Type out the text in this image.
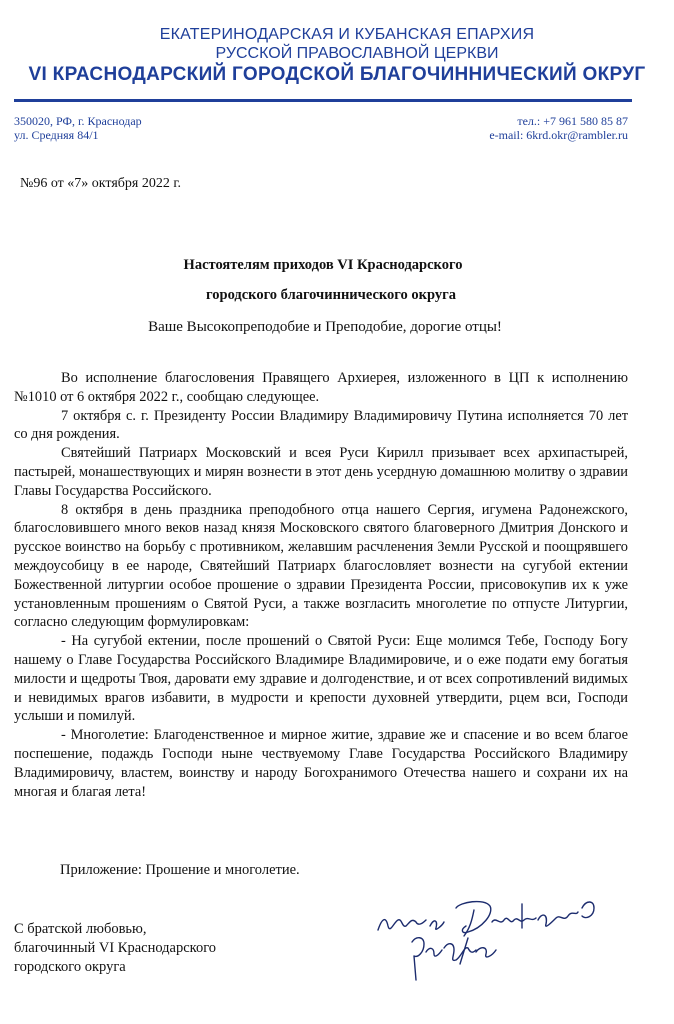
ЕКАТЕРИНОДАРСКАЯ И КУБАНСКАЯ ЕПАРХИЯ
РУССКОЙ ПРАВОСЛАВНОЙ ЦЕРКВИ
VI КРАСНОДАРСКИЙ ГОРОДСКОЙ БЛАГОЧИННИЧЕСКИЙ ОКРУГ
350020, РФ, г. Краснодар
ул. Средняя 84/1
тел.: +7 961 580 85 87
e-mail: 6krd.okr@rambler.ru
№96 от «7» октября 2022 г.
Настоятелям приходов VI Краснодарского
городского благочиннического округа
Ваше Высокопреподобие и Преподобие, дорогие отцы!

Во исполнение благословения Правящего Архиерея, изложенного в ЦП к исполнению №1010 от 6 октября 2022 г., сообщаю следующее.

7 октября с. г. Президенту России Владимиру Владимировичу Путина исполняется 70 лет со дня рождения.

Святейший Патриарх Московский и всея Руси Кирилл призывает всех архипастырей, пастырей, монашествующих и мирян вознести в этот день усердную домашнюю молитву о здравии Главы Государства Российского.

8 октября в день праздника преподобного отца нашего Сергия, игумена Радонежского, благословившего много веков назад князя Московского святого благоверного Дмитрия Донского и русское воинство на борьбу с противником, желавшим расчленения Земли Русской и поощрявшего междоусобицу в ее народе, Святейший Патриарх благословляет вознести на сугубой ектении Божественной литургии особое прошение о здравии Президента России, присовокупив их к уже установленным прошениям о Святой Руси, а также возгласить многолетие по отпусте Литургии, согласно следующим формулировкам:

- На сугубой ектении, после прошений о Святой Руси: Еще молимся Тебе, Господу Богу нашему о Главе Государства Российского Владимире Владимировиче, и о еже подати ему богатыя милости и щедроты Твоя, даровати ему здравие и долгоденствие, и от всех сопротивлений видимых и невидимых врагов избавити, в мудрости и крепости духовней утвердити, рцем вси, Господи услыши и помилуй.

- Многолетие: Благоденственное и мирное житие, здравие же и спасение и во всем благое поспешение, подаждь Господи ныне чествуемому Главе Государства Российского Владимиру Владимировичу, властем, воинству и народу Богохранимого Отечества нашего и сохрани их на многая и благая лета!

Приложение: Прошение и многолетие.
С братской любовью,
благочинный VI Краснодарского
городского округа
